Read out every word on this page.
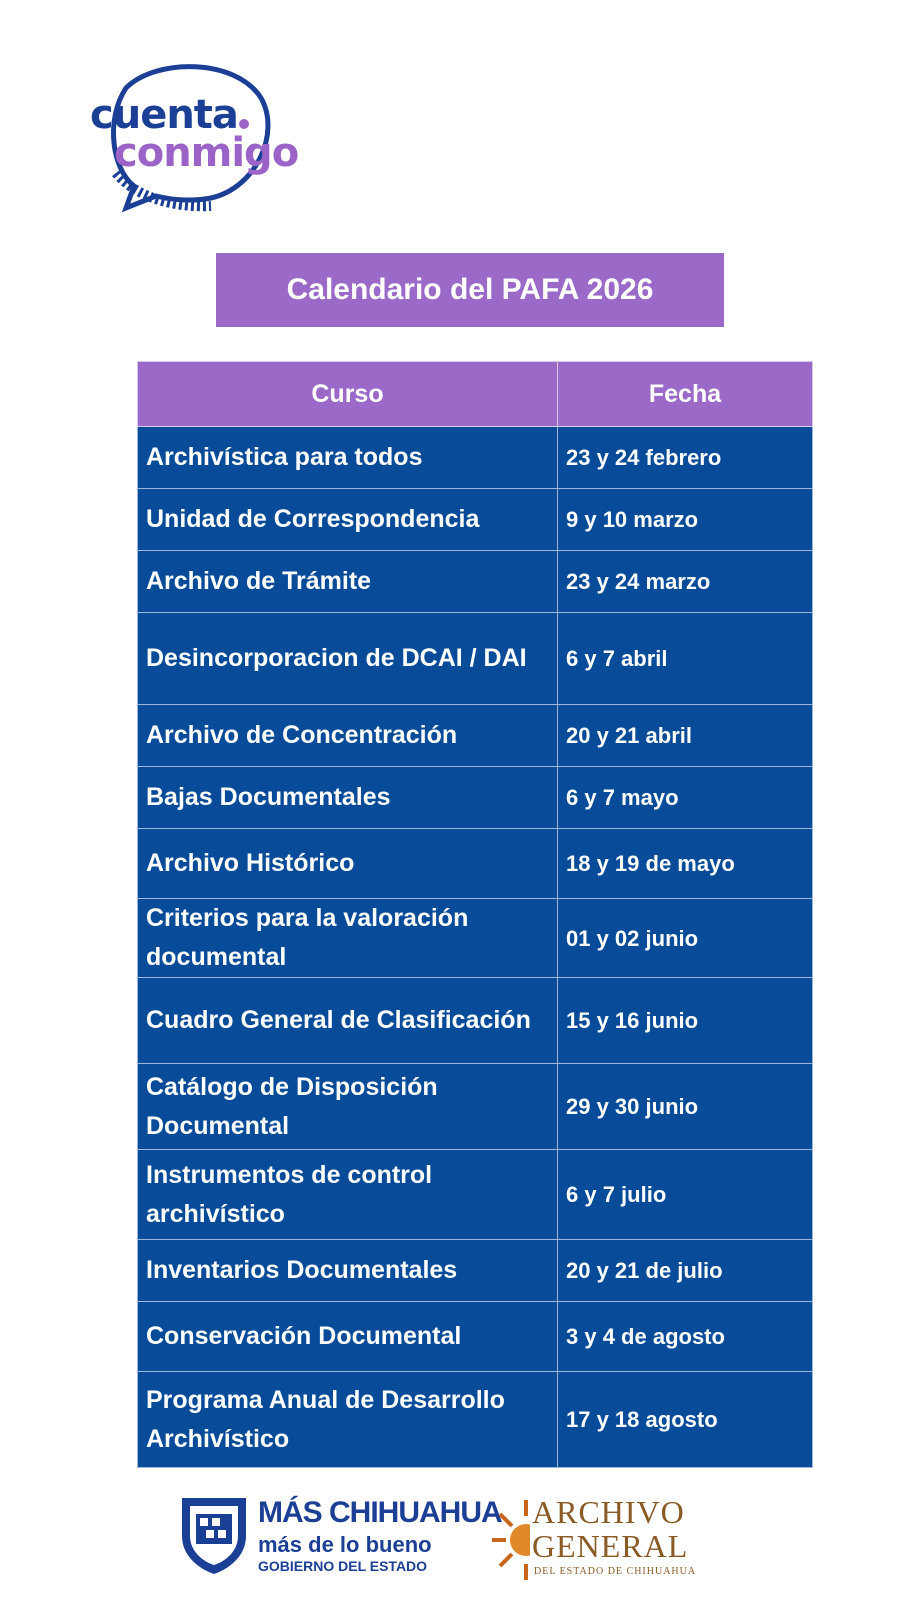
cuenta
conmigo
Calendario del PAFA 2026
Curso	Fecha
Archivística para todos	23 y 24 febrero
Unidad de Correspondencia	9 y 10 marzo
Archivo de Trámite	23 y 24 marzo
Desincorporacion de DCAI / DAI	6 y 7 abril
Archivo de Concentración	20 y 21 abril
Bajas Documentales	6 y 7 mayo
Archivo Histórico	18 y 19 de mayo
Criterios para la valoración documental	01 y 02 junio
Cuadro General de Clasificación	15 y 16 junio
Catálogo de Disposición Documental	29 y 30 junio
Instrumentos de control archivístico	6 y 7 julio
Inventarios Documentales	20 y 21 de julio
Conservación Documental	3 y 4 de agosto
Programa Anual de Desarrollo Archivístico	17 y 18 agosto
MÁS CHIHUAHUA
más de lo bueno
GOBIERNO DEL ESTADO
ARCHIVO
GENERAL
DEL ESTADO DE CHIHUAHUA
